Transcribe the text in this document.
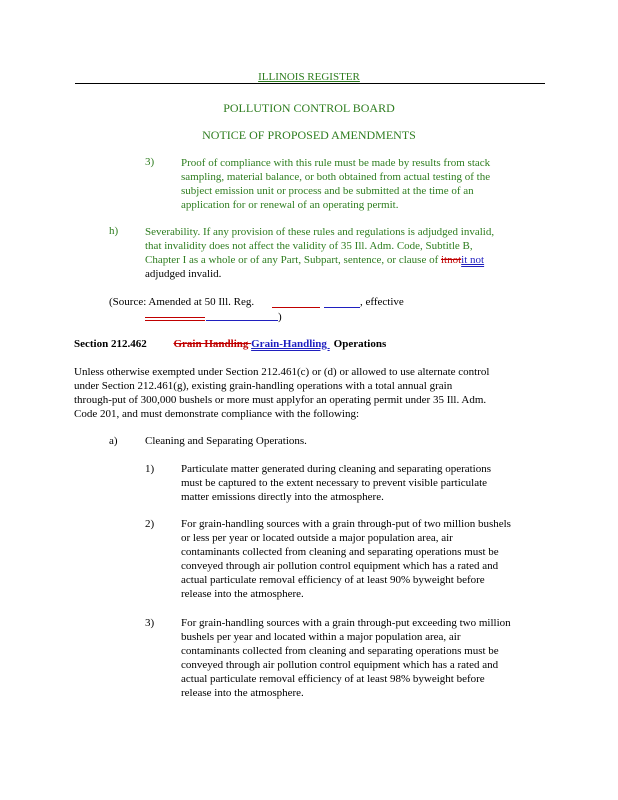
ILLINOIS REGISTER
POLLUTION CONTROL BOARD
NOTICE OF PROPOSED AMENDMENTS
3) Proof of compliance with this rule must be made by results from stack
sampling, material balance, or both obtained from actual testing of the
subject emission unit or process and be submitted at the time of an
application for or renewal of an operating permit.
h) Severability. If any provision of these rules and regulations is adjudged invalid,
that invalidity does not affect the validity of 35 Ill. Adm. Code, Subtitle B,
Chapter I as a whole or of any Part, Subpart, sentence, or clause of itnotit not
adjudged invalid.
(Source: Amended at 50 Ill. Reg.	, effective
)
Section 212.462 Grain Handling Grain-Handling Operations
Unless otherwise exempted under Section 212.461(c) or (d) or allowed to use alternate control
under Section 212.461(g), existing grain-handling operations with a total annual grain
through-put of 300,000 bushels or more must applyfor an operating permit under 35 Ill. Adm.
Code 201, and must demonstrate compliance with the following:
a) Cleaning and Separating Operations.
1) Particulate matter generated during cleaning and separating operations
must be captured to the extent necessary to prevent visible particulate
matter emissions directly into the atmosphere.
2) For grain-handling sources with a grain through-put of two million bushels
or less per year or located outside a major population area, air
contaminants collected from cleaning and separating operations must be
conveyed through air pollution control equipment which has a rated and
actual particulate removal efficiency of at least 90% byweight before
release into the atmosphere.
3) For grain-handling sources with a grain through-put exceeding two million
bushels per year and located within a major population area, air
contaminants collected from cleaning and separating operations must be
conveyed through air pollution control equipment which has a rated and
actual particulate removal efficiency of at least 98% byweight before
release into the atmosphere.
